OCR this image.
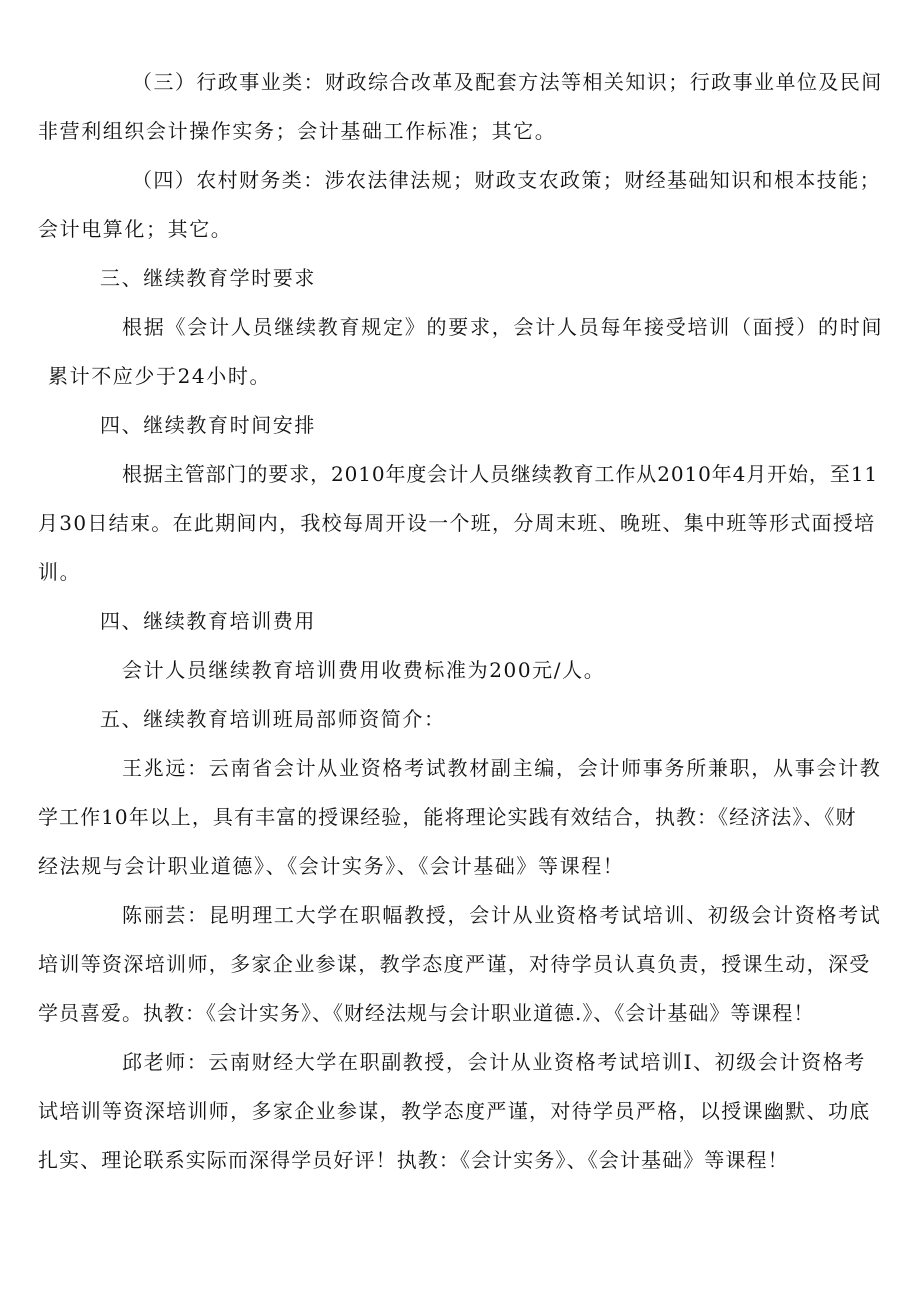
（三）行政事业类：财政综合改革及配套方法等相关知识；行政事业单位及民间
非营利组织会计操作实务；会计基础工作标准；其它。
（四）农村财务类：涉农法律法规；财政支农政策；财经基础知识和根本技能；
会计电算化；其它。
三、继续教育学时要求
根据《会计人员继续教育规定》的要求，会计人员每年接受培训（面授）的时间
累计不应少于24小时。
四、继续教育时间安排
根据主管部门的要求，2010年度会计人员继续教育工作从2010年4月开始，至11
月30日结束。在此期间内，我校每周开设一个班，分周末班、晚班、集中班等形式面授培
训。
四、继续教育培训费用
会计人员继续教育培训费用收费标准为200元/人。
五、继续教育培训班局部师资简介：
王兆远：云南省会计从业资格考试教材副主编，会计师事务所兼职，从事会计教
学工作10年以上，具有丰富的授课经验，能将理论实践有效结合，执教：《经济法》、《财
经法规与会计职业道德》、《会计实务》、《会计基础》等课程！
陈丽芸：昆明理工大学在职幅教授，会计从业资格考试培训、初级会计资格考试
培训等资深培训师，多家企业参谋，教学态度严谨，对待学员认真负责，授课生动，深受
学员喜爱。执教：《会计实务》、《财经法规与会计职业道德.》、《会计基础》等课程！
邱老师：云南财经大学在职副教授，会计从业资格考试培训I、初级会计资格考
试培训等资深培训师，多家企业参谋，教学态度严谨，对待学员严格，以授课幽默、功底
扎实、理论联系实际而深得学员好评！执教：《会计实务》、《会计基础》等课程！
